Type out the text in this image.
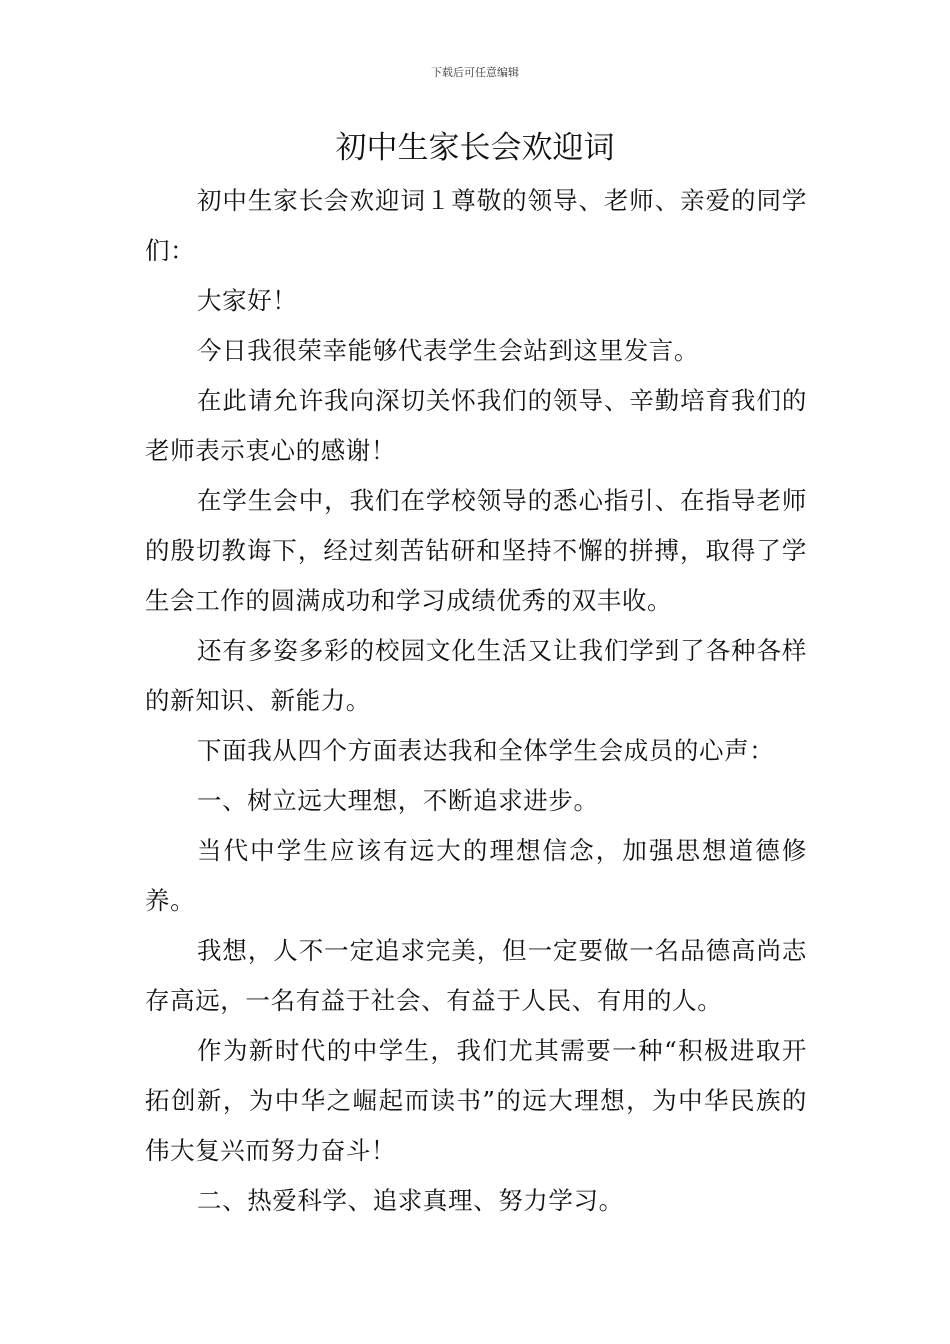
下载后可任意编辑
初中生家长会欢迎词

初中生家长会欢迎词１尊敬的领导、老师、亲爱的同学们：

大家好！

今日我很荣幸能够代表学生会站到这里发言。

在此请允许我向深切关怀我们的领导、辛勤培育我们的老师表示衷心的感谢！

在学生会中，我们在学校领导的悉心指引、在指导老师的殷切教诲下，经过刻苦钻研和坚持不懈的拼搏，取得了学生会工作的圆满成功和学习成绩优秀的双丰收。

还有多姿多彩的校园文化生活又让我们学到了各种各样的新知识、新能力。

下面我从四个方面表达我和全体学生会成员的心声：

一、树立远大理想，不断追求进步。

当代中学生应该有远大的理想信念，加强思想道德修养。

我想，人不一定追求完美，但一定要做一名品德高尚志存高远，一名有益于社会、有益于人民、有用的人。

作为新时代的中学生，我们尤其需要一种“积极进取开拓创新，为中华之崛起而读书”的远大理想，为中华民族的伟大复兴而努力奋斗！

二、热爱科学、追求真理、努力学习。
